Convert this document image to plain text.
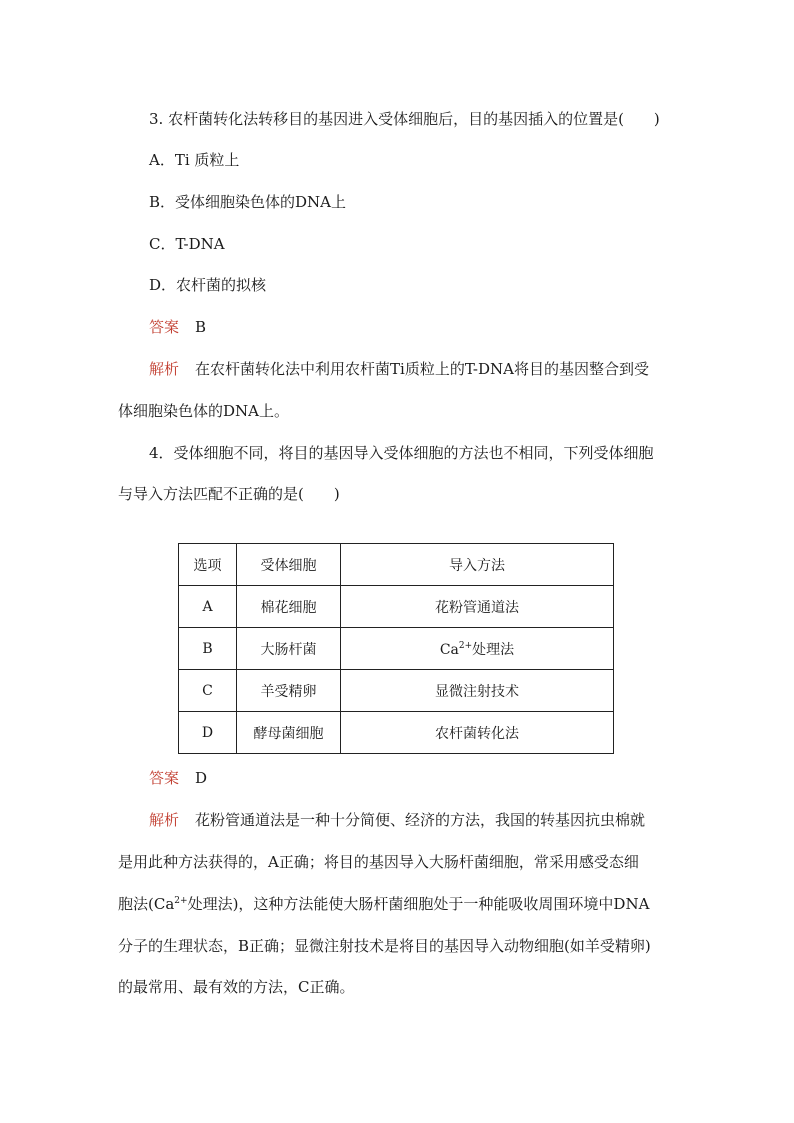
3. 农杆菌转化法转移目的基因进入受体细胞后，目的基因插入的位置是(　　)
A．Ti 质粒上
B．受体细胞染色体的DNA上
C．T-DNA
D．农杆菌的拟核
答案 B
解析 在农杆菌转化法中利用农杆菌Ti质粒上的T-DNA将目的基因整合到受
体细胞染色体的DNA上。
4．受体细胞不同，将目的基因导入受体细胞的方法也不相同，下列受体细胞
与导入方法匹配不正确的是(　　)
选项	受体细胞	导入方法
A	棉花细胞	花粉管通道法
B	大肠杆菌	$Ca^{2+}$处理法
C	羊受精卵	显微注射技术
D	酵母菌细胞	农杆菌转化法
答案 D
解析 花粉管通道法是一种十分简便、经济的方法，我国的转基因抗虫棉就
是用此种方法获得的，A正确；将目的基因导入大肠杆菌细胞，常采用感受态细
胞法($Ca^{2+}$处理法)，这种方法能使大肠杆菌细胞处于一种能吸收周围环境中DNA
分子的生理状态，B正确；显微注射技术是将目的基因导入动物细胞(如羊受精卵)
的最常用、最有效的方法，C正确。
